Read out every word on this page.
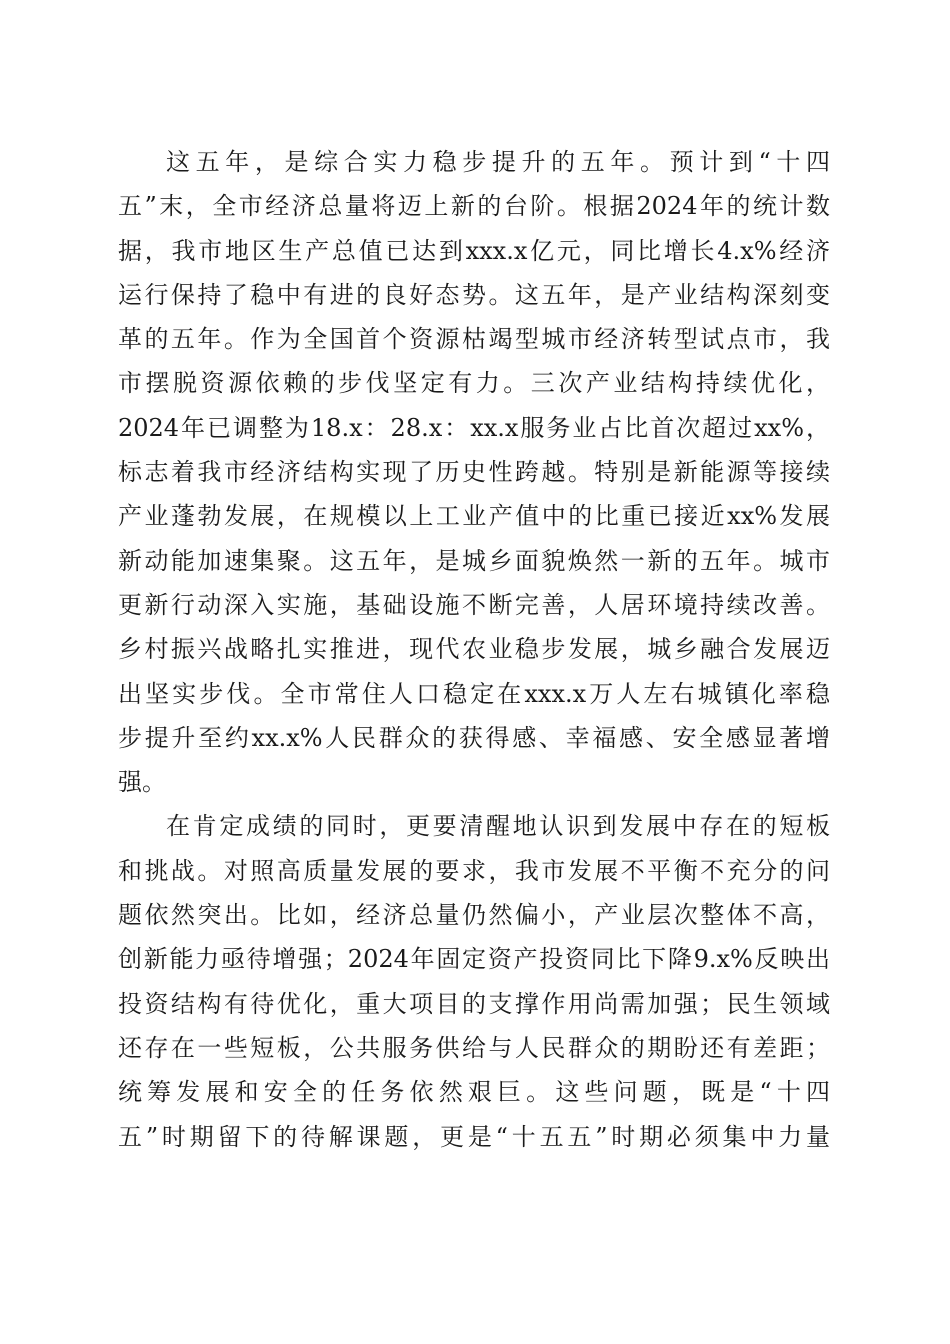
这五年，是综合实力稳步提升的五年。预计到“十四
五”末，全市经济总量将迈上新的台阶。根据2024年的统计数
据，我市地区生产总值已达到xxx.x亿元，同比增长4.x%经济
运行保持了稳中有进的良好态势。这五年，是产业结构深刻变
革的五年。作为全国首个资源枯竭型城市经济转型试点市，我
市摆脱资源依赖的步伐坚定有力。三次产业结构持续优化，
2024年已调整为18.x：28.x：xx.x服务业占比首次超过xx%，
标志着我市经济结构实现了历史性跨越。特别是新能源等接续
产业蓬勃发展，在规模以上工业产值中的比重已接近xx%发展
新动能加速集聚。这五年，是城乡面貌焕然一新的五年。城市
更新行动深入实施，基础设施不断完善，人居环境持续改善。
乡村振兴战略扎实推进，现代农业稳步发展，城乡融合发展迈
出坚实步伐。全市常住人口稳定在xxx.x万人左右城镇化率稳
步提升至约xx.x%人民群众的获得感、幸福感、安全感显著增
强。
在肯定成绩的同时，更要清醒地认识到发展中存在的短板
和挑战。对照高质量发展的要求，我市发展不平衡不充分的问
题依然突出。比如，经济总量仍然偏小，产业层次整体不高，
创新能力亟待增强；2024年固定资产投资同比下降9.x%反映出
投资结构有待优化，重大项目的支撑作用尚需加强；民生领域
还存在一些短板，公共服务供给与人民群众的期盼还有差距；
统筹发展和安全的任务依然艰巨。这些问题，既是“十四
五”时期留下的待解课题，更是“十五五”时期必须集中力量
